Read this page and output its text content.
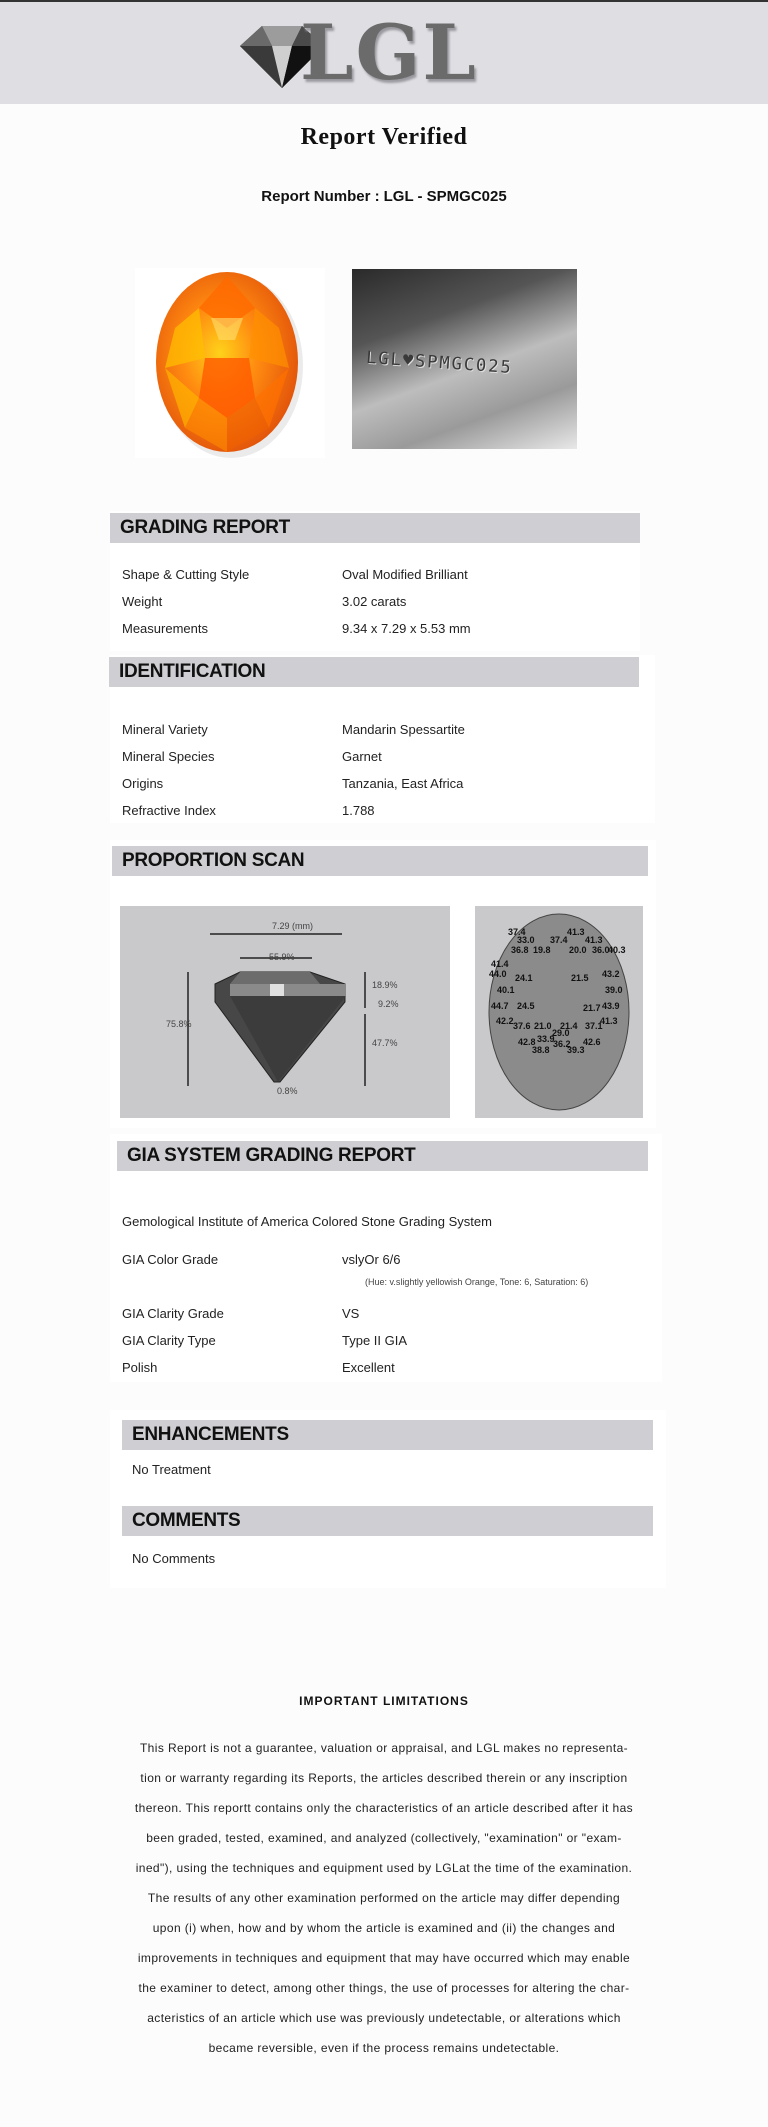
LGL
Report Verified
Report Number : LGL - SPMGC025
LGL♥SPMGC025
GRADING REPORT
Shape & Cutting Style	Oval Modified Brilliant
Weight	3.02 carats
Measurements	9.34 x 7.29 x 5.53 mm
IDENTIFICATION
Mineral Variety	Mandarin Spessartite
Mineral Species	Garnet
Origins	Tanzania, East Africa
Refractive Index	1.788
PROPORTION SCAN
7.29 (mm)
55.9%
75.8%
18.9%
9.2%
47.7%
0.8%
37.4	41.3
33.0 37.4 41.3
36.8 19.8 20.0 36.0
40.3
41.4
44.0 24.1	21.5 43.2
40.1	39.0
44.7 24.5	21.7 43.9
42.2	41.3
37.6 21.0 21.4 37.1
29.0
33.9
42.8 36.2 42.6
38.8 39.3
GIA SYSTEM GRADING REPORT
Gemological Institute of America Colored Stone Grading System
GIA Color Grade	vslyOr 6/6
(Hue: v.slightly yellowish Orange, Tone: 6, Saturation: 6)
GIA Clarity Grade	VS
GIA Clarity Type	Type II GIA
Polish	Excellent
ENHANCEMENTS
No Treatment
COMMENTS
No Comments
IMPORTANT LIMITATIONS
This Report is not a guarantee, valuation or appraisal, and LGL makes no representa-
tion or warranty regarding its Reports, the articles described therein or any inscription
thereon. This reportt contains only the characteristics of an article described after it has
been graded, tested, examined, and analyzed (collectively, "examination" or "exam-
ined"), using the techniques and equipment used by LGLat the time of the examination.
The results of any other examination performed on the article may differ depending
upon (i) when, how and by whom the article is examined and (ii) the changes and
improvements in techniques and equipment that may have occurred which may enable
the examiner to detect, among other things, the use of processes for altering the char-
acteristics of an article which use was previously undetectable, or alterations which
became reversible, even if the process remains undetectable.
